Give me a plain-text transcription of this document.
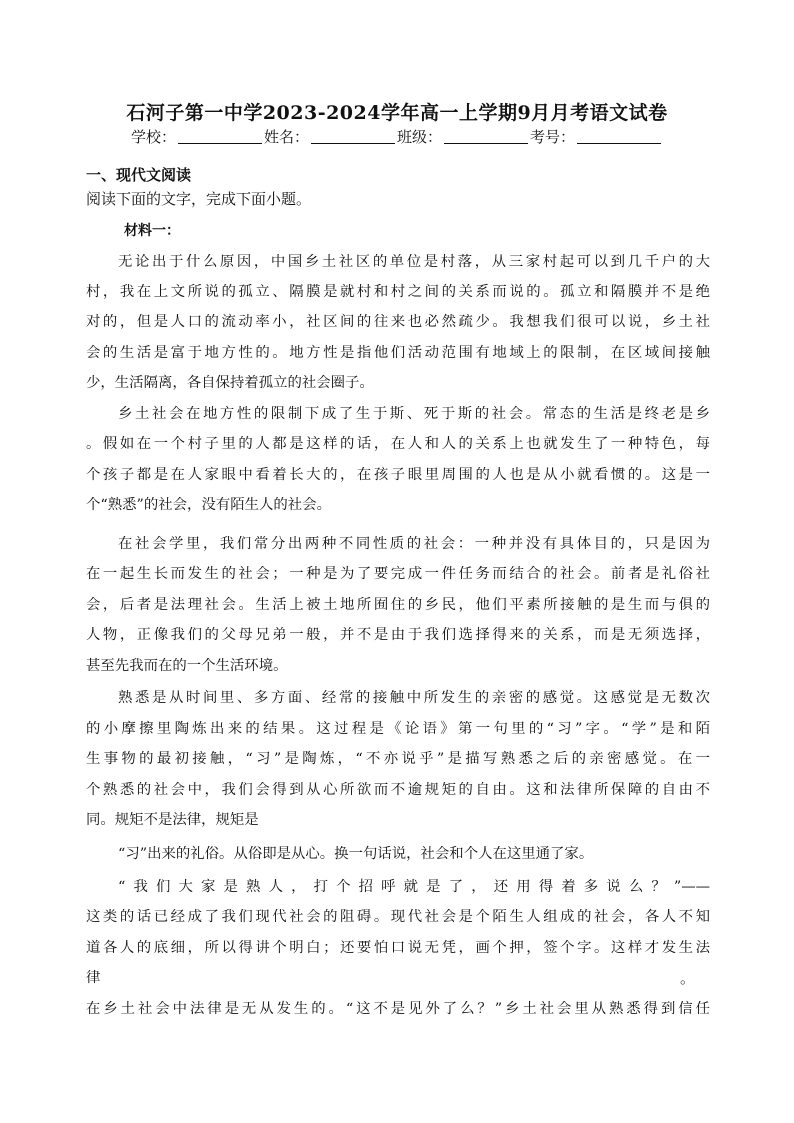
石河子第一中学2023-2024学年高一上学期9月月考语文试卷
学校：	姓名：	班级：	考号：
一、现代文阅读
阅读下面的文字，完成下面小题。
材料一：
无论出于什么原因，中国乡土社区的单位是村落，从三家村起可以到几千户的大
村，我在上文所说的孤立、隔膜是就村和村之间的关系而说的。孤立和隔膜并不是绝
对的，但是人口的流动率小，社区间的往来也必然疏少。我想我们很可以说，乡土社
会的生活是富于地方性的。地方性是指他们活动范围有地域上的限制，在区域间接触
少，生活隔离，各自保持着孤立的社会圈子。
乡土社会在地方性的限制下成了生于斯、死于斯的社会。常态的生活是终老是乡
。假如在一个村子里的人都是这样的话，在人和人的关系上也就发生了一种特色，每
个孩子都是在人家眼中看着长大的，在孩子眼里周围的人也是从小就看惯的。这是一
个“熟悉”的社会，没有陌生人的社会。
在社会学里，我们常分出两种不同性质的社会：一种并没有具体目的，只是因为
在一起生长而发生的社会；一种是为了要完成一件任务而结合的社会。前者是礼俗社
会，后者是法理社会。生活上被土地所囿住的乡民，他们平素所接触的是生而与俱的
人物，正像我们的父母兄弟一般，并不是由于我们选择得来的关系，而是无须选择，
甚至先我而在的一个生活环境。
熟悉是从时间里、多方面、经常的接触中所发生的亲密的感觉。这感觉是无数次
的小摩擦里陶炼出来的结果。这过程是《论语》第一句里的“习”字。“学”是和陌
生事物的最初接触，“习”是陶炼，“不亦说乎”是描写熟悉之后的亲密感觉。在一
个熟悉的社会中，我们会得到从心所欲而不逾规矩的自由。这和法律所保障的自由不
同。规矩不是法律，规矩是
“习”出来的礼俗。从俗即是从心。换一句话说，社会和个人在这里通了家。
“我们大家是熟人，打个招呼就是了，还用得着多说么？”——
这类的话已经成了我们现代社会的阻碍。现代社会是个陌生人组成的社会，各人不知
道各人的底细，所以得讲个明白；还要怕口说无凭，画个押，签个字。这样才发生法
律	。
在乡土社会中法律是无从发生的。“这不是见外了么？”乡土社会里从熟悉得到信任
